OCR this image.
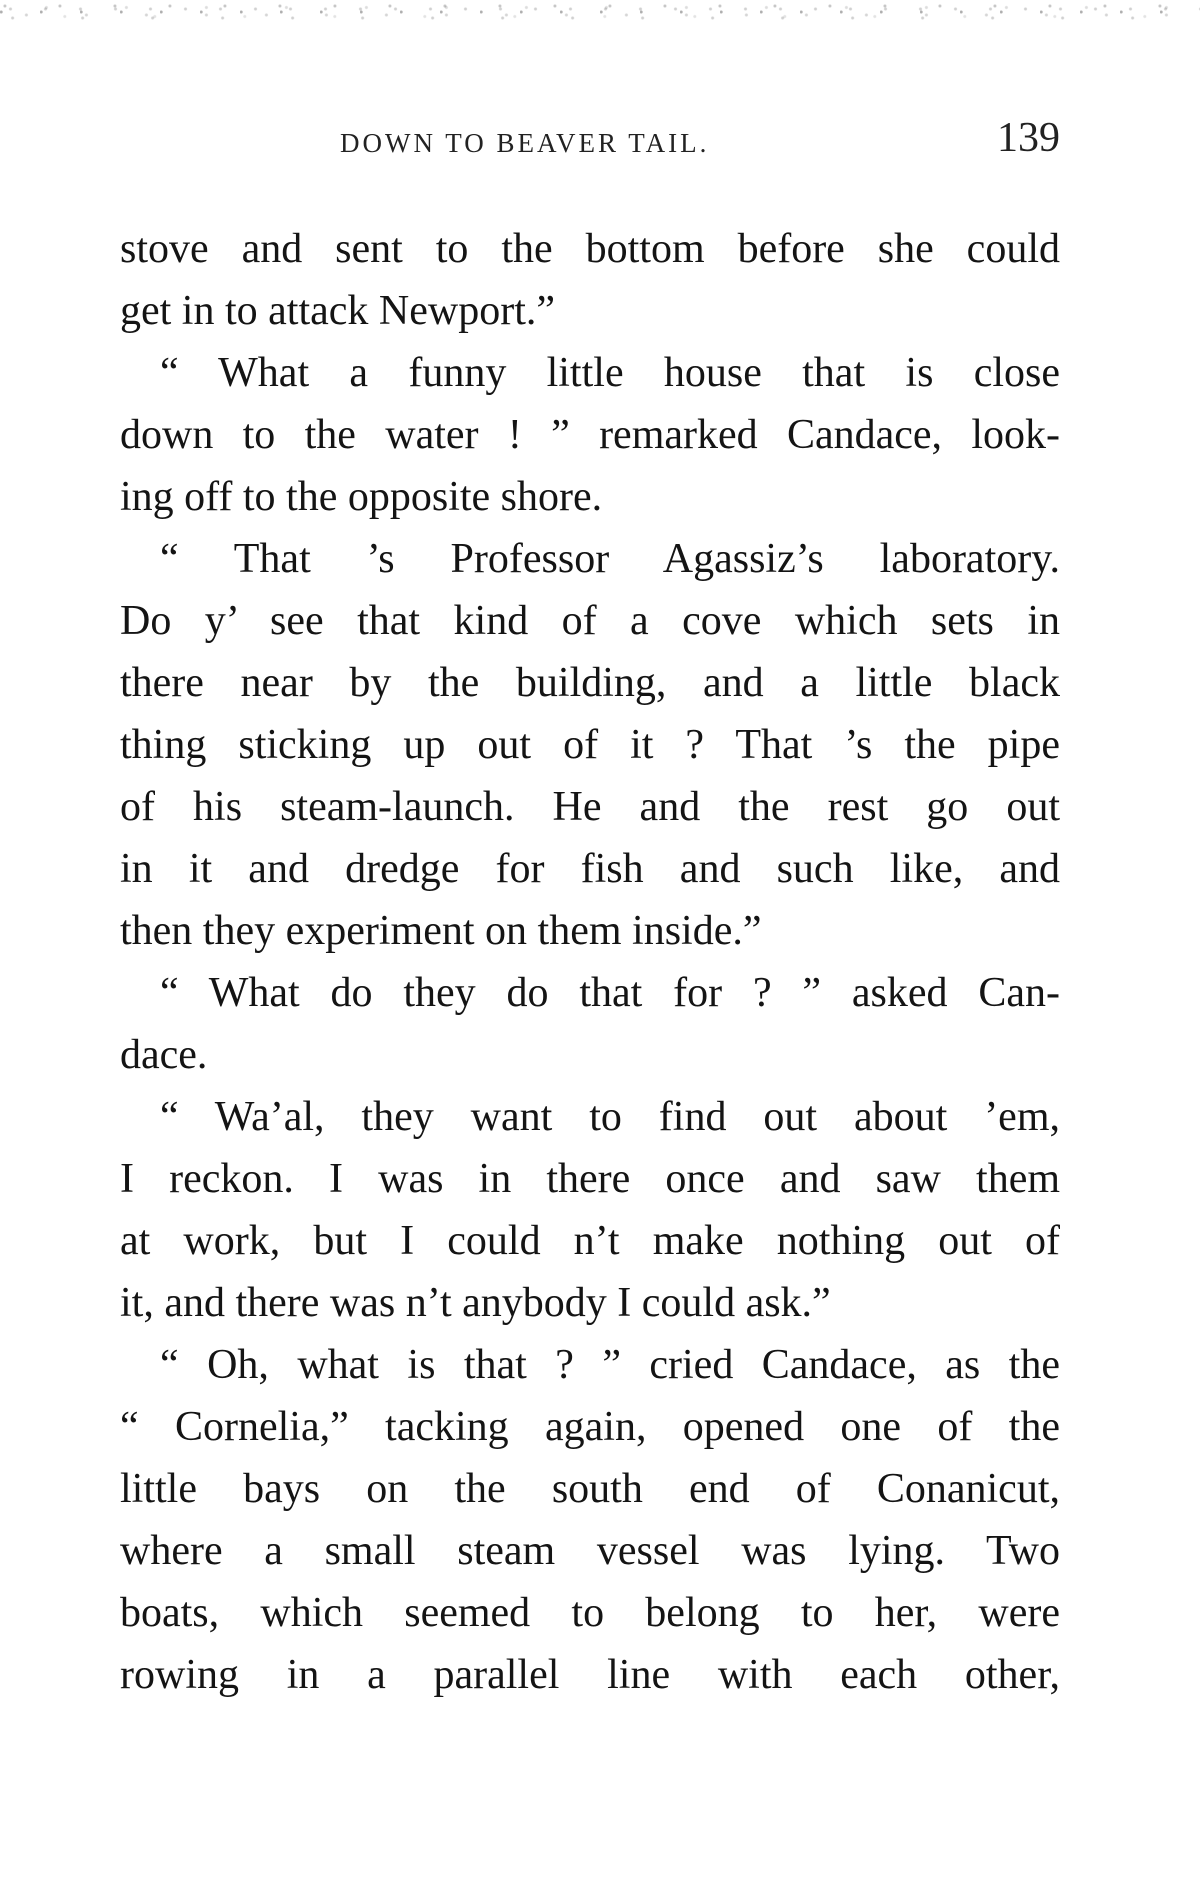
DOWN TO BEAVER TAIL.	139
stove and sent to the bottom before she could
get in to attack Newport.”
“ What a funny little house that is close
down to the water ! ” remarked Candace, look-
ing off to the opposite shore.
“ That ’s Professor Agassiz’s laboratory.
Do y’ see that kind of a cove which sets in
there near by the building, and a little black
thing sticking up out of it ? That ’s the pipe
of his steam-launch. He and the rest go out
in it and dredge for fish and such like, and
then they experiment on them inside.”
“ What do they do that for ? ” asked Can-
dace.
“ Wa’al, they want to find out about ’em,
I reckon. I was in there once and saw them
at work, but I could n’t make nothing out of
it, and there was n’t anybody I could ask.”
“ Oh, what is that ? ” cried Candace, as the
“ Cornelia,” tacking again, opened one of the
little bays on the south end of Conanicut,
where a small steam vessel was lying. Two
boats, which seemed to belong to her, were
rowing in a parallel line with each other,
